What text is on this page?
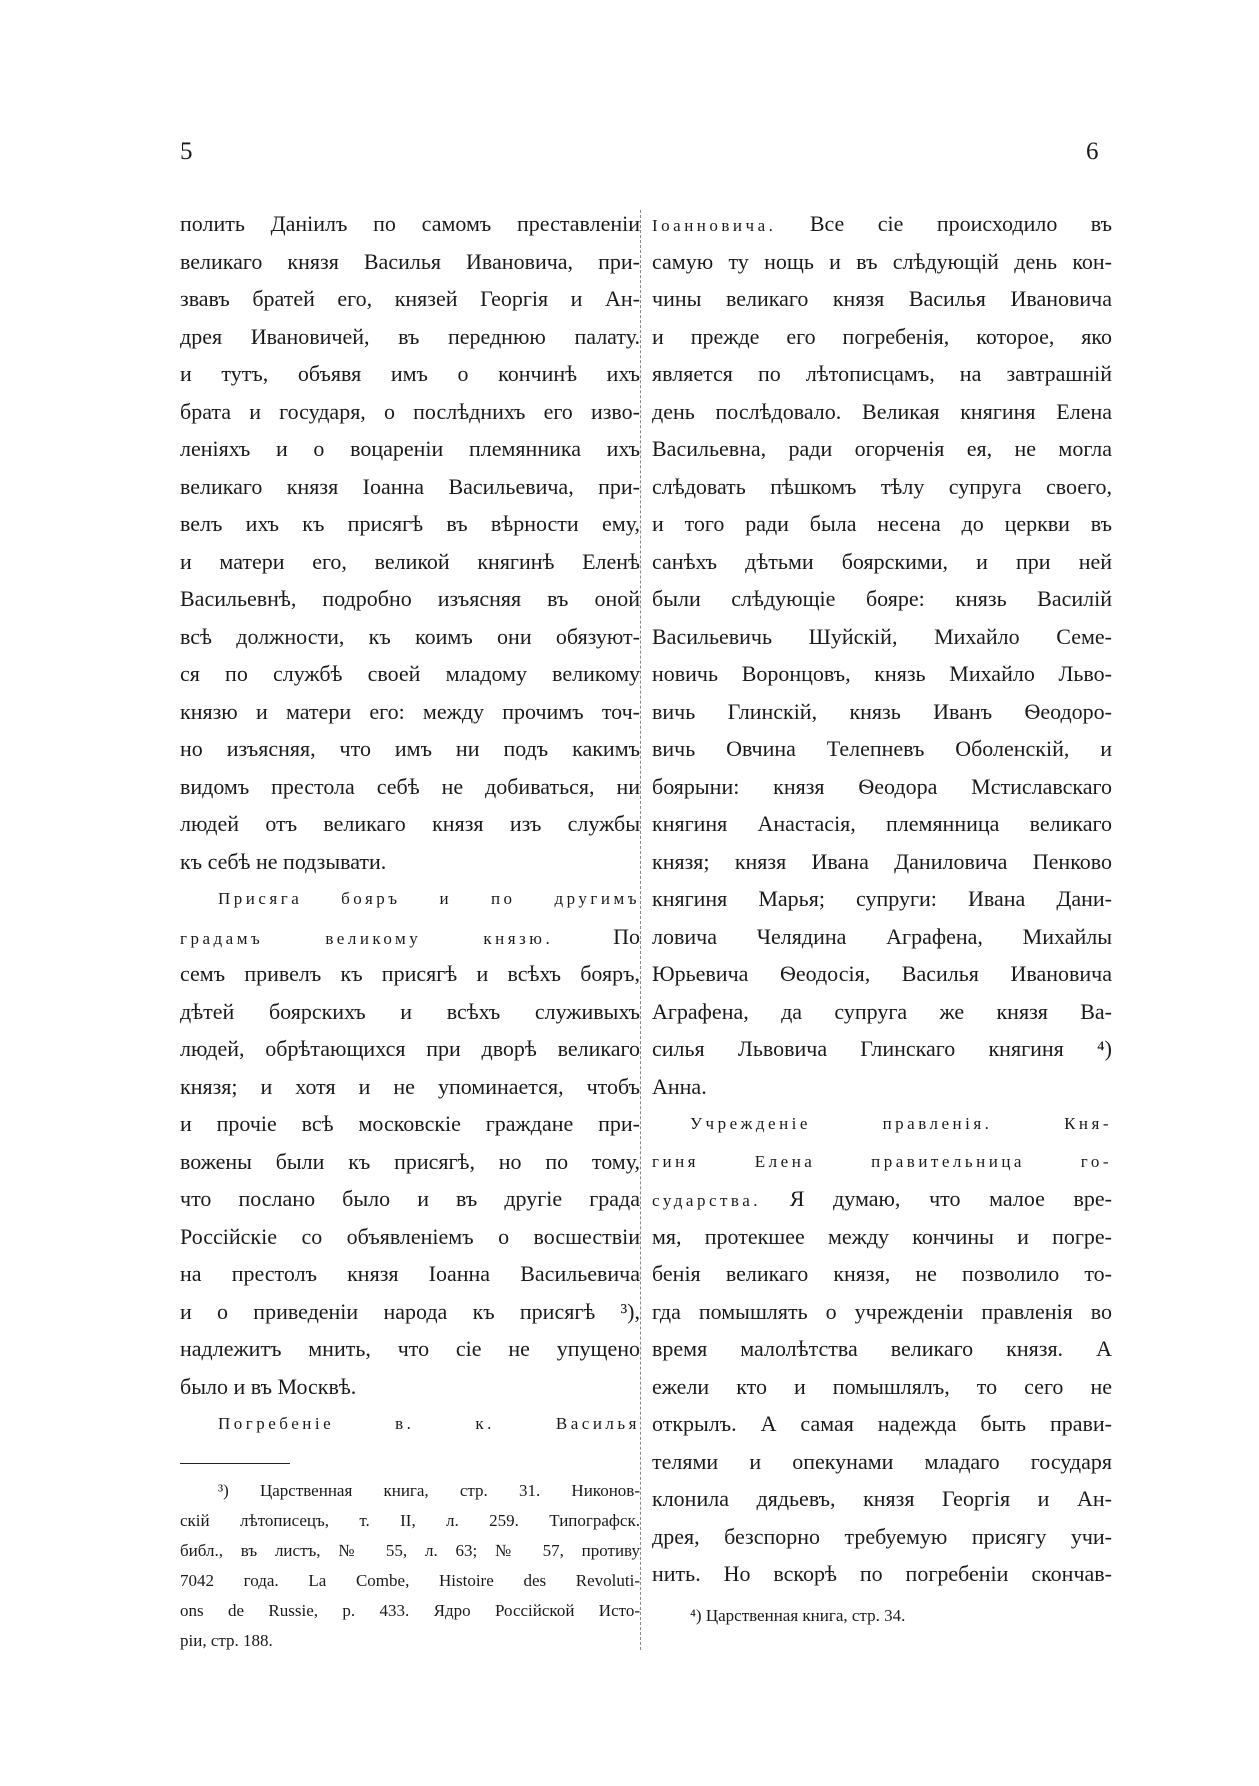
5	6
полить Даніилъ по самомъ преставленіи
великаго князя Василья Ивановича, при-
звавъ братей его, князей Георгія и Ан-
дрея Ивановичей, въ переднюю палату.
и тутъ, объявя имъ о кончинѣ ихъ
брата и государя, о послѣднихъ его изво-
леніяхъ и о воцареніи племянника ихъ
великаго князя Іоанна Васильевича, при-
велъ ихъ къ присягѣ въ вѣрности ему,
и матери его, великой княгинѣ Еленѣ
Васильевнѣ, подробно изъясняя въ оной
всѣ должности, къ коимъ они обязуют-
ся по службѣ своей младому великому
князю и матери его: между прочимъ точ-
но изъясняя, что имъ ни подъ какимъ
видомъ престола себѣ не добиваться, ни
людей отъ великаго князя изъ службы
къ себѣ не подзывати.
Присяга бояръ и по другимъ
градамъ великому князю.	По
семъ привелъ къ присягѣ и всѣхъ бояръ,
дѣтей боярскихъ и всѣхъ служивыхъ
людей, обрѣтающихся при дворѣ великаго
князя; и хотя и не упоминается, чтобъ
и прочіе всѣ московскіе граждане при-
вожены были къ присягѣ, но по тому,
что послано было и въ другіе града
Россійскіе со объявленіемъ о восшествіи
на престолъ князя Іоанна Васильевича
и о приведеніи народа къ присягѣ ³),
надлежитъ мнить, что сіе не упущено
было и въ Москвѣ.
Погребеніе в. к. Василья
³) Царственная книга, стр. 31. Никонов-
скій лѣтописецъ, т. II, л. 259. Типографск.
библ., въ листъ, № 55, л. 63; № 57, противу
7042 года. La Combe, Histoire des Revoluti-
ons de Russie, p. 433. Ядро Россійской Исто-
ріи, стр. 188.
Іоанновича. Все сіе происходило въ
самую ту нощь и въ слѣдующій день кон-
чины великаго князя Василья Ивановича
и прежде его погребенія, которое, яко
является по лѣтописцамъ, на завтрашній
день послѣдовало. Великая княгиня Елена
Васильевна, ради огорченія ея, не могла
слѣдовать пѣшкомъ тѣлу супруга своего,
и того ради была несена до церкви въ
санѣхъ дѣтьми боярскими, и при ней
были слѣдующіе бояре: князь Василій
Васильевичь Шуйскій, Михайло Семе-
новичь Воронцовъ, князь Михайло Льво-
вичь Глинскій, князь Иванъ Ѳеодоро-
вичь Овчина Телепневъ Оболенскій, и
боярыни: князя Ѳеодора Мстиславскаго
княгиня Анастасія, племянница великаго
князя; князя Ивана Даниловича Пенково
княгиня Марья; супруги: Ивана Дани-
ловича Челядина Аграфена, Михайлы
Юрьевича Ѳеодосія, Василья Ивановича
Аграфена, да супруга же князя Ва-
силья Львовича Глинскаго княгиня ⁴)
Анна.
Учрежденіе правленія. Кня-
гиня Елена правительница го-
сударства. Я думаю, что малое вре-
мя, протекшее между кончины и погре-
бенія великаго князя, не позволило то-
гда помышлять о учрежденіи правленія во
время малолѣтства великаго князя. А
ежели кто и помышлялъ, то сего не
открылъ. А самая надежда быть прави-
телями и опекунами младаго государя
клонила дядьевъ, князя Георгія и Ан-
дрея, безспорно требуемую присягу учи-
нить. Но вскорѣ по погребеніи скончав-
⁴) Царственная книга, стр. 34.
